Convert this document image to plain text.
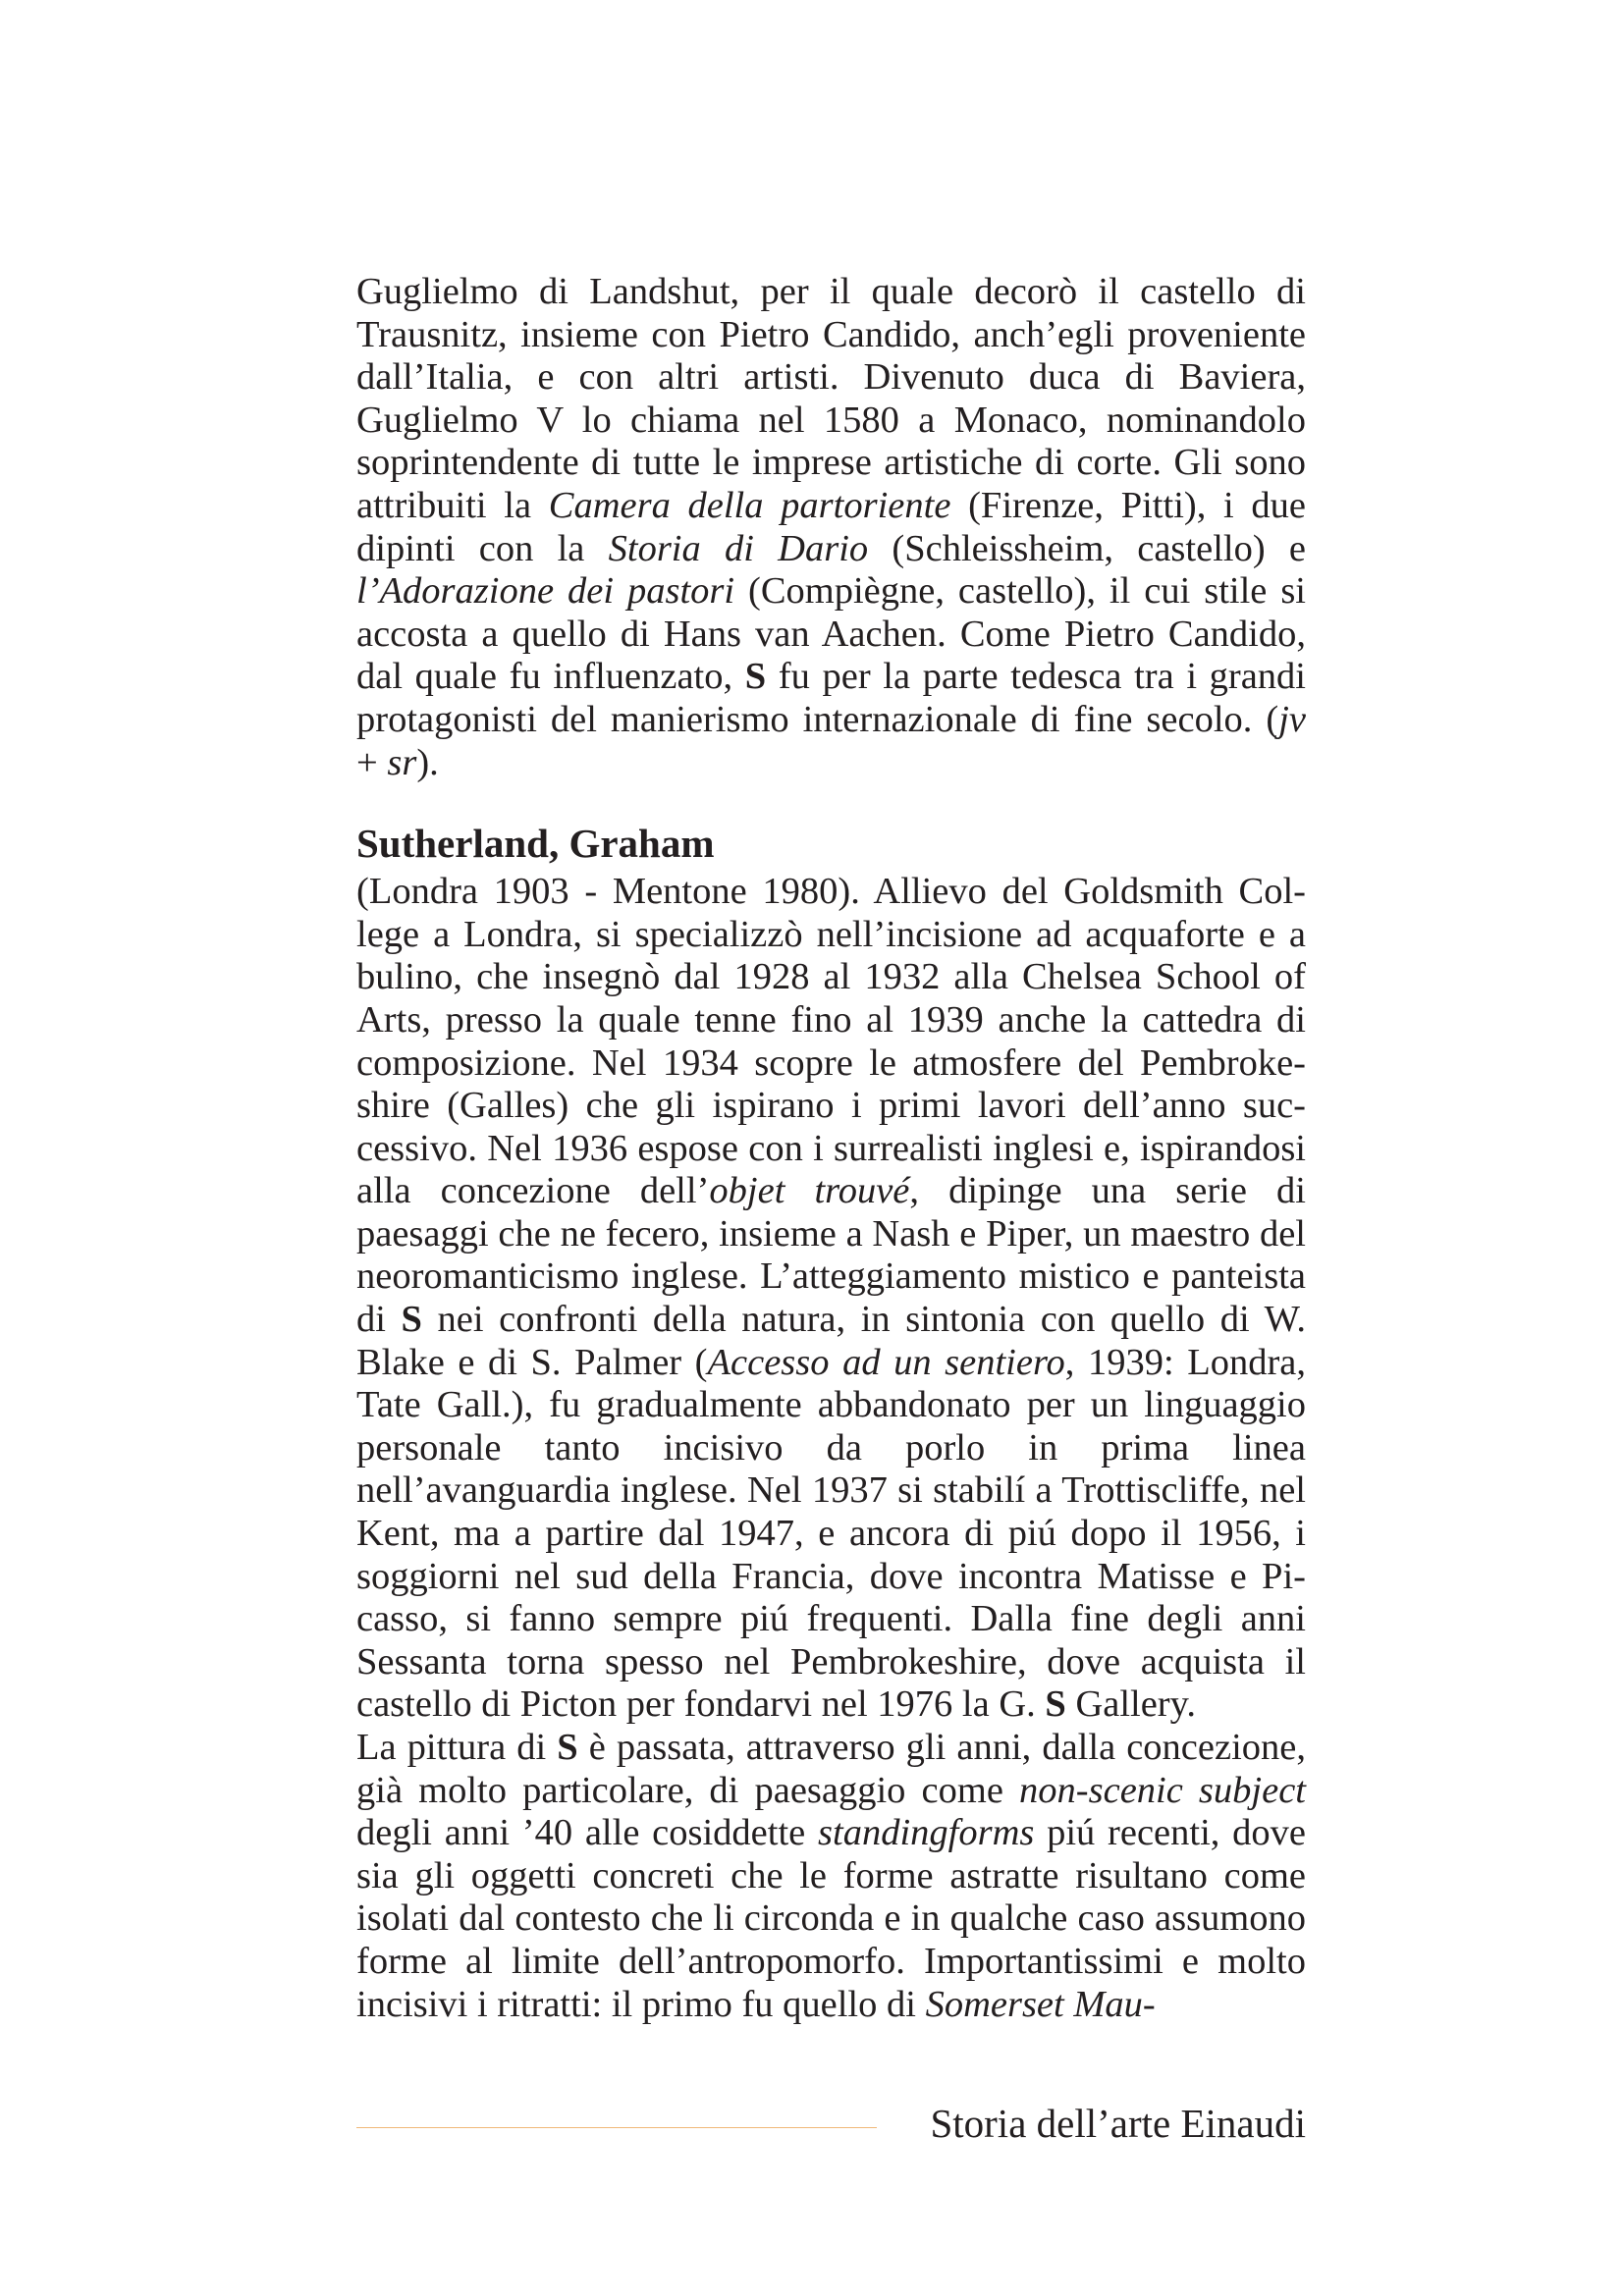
Guglielmo di Landshut, per il quale decorò il castello di Trausnitz, insieme con Pietro Candido, anch’egli proveniente dall’Italia, e con altri artisti. Divenuto duca di Baviera, Guglielmo V lo chiama nel 1580 a Monaco, nominandolo soprintendente di tutte le imprese artistiche di corte. Gli sono attribuiti la Camera della partoriente (Firenze, Pitti), i due dipinti con la Storia di Dario (Schleissheim, castello) e l’Adorazione dei pastori (Compiègne, castello), il cui stile si accosta a quello di Hans van Aachen. Come Pietro Candido, dal quale fu influenzato, S fu per la parte tedesca tra i grandi protagonisti del manierismo internazionale di fine secolo. (jv + sr).

Sutherland, Graham

(Londra 1903 - Mentone 1980). Allievo del Goldsmith College a Londra, si specializzò nell’incisione ad acquaforte e a bulino, che insegnò dal 1928 al 1932 alla Chelsea School of Arts, presso la quale tenne fino al 1939 anche la cattedra di composizione. Nel 1934 scopre le atmosfere del Pembrokeshire (Galles) che gli ispirano i primi lavori dell’anno successivo. Nel 1936 espose con i surrealisti inglesi e, ispirandosi alla concezione dell’objet trouvé, dipinge una serie di paesaggi che ne fecero, insieme a Nash e Piper, un maestro del neoromanticismo inglese. L’atteggiamento mistico e panteista di S nei confronti della natura, in sintonia con quello di W. Blake e di S. Palmer (Accesso ad un sentiero, 1939: Londra, Tate Gall.), fu gradualmente abbandonato per un linguaggio personale tanto incisivo da porlo in prima linea nell’avanguardia inglese. Nel 1937 si stabilí a Trottiscliffe, nel Kent, ma a partire dal 1947, e ancora di piú dopo il 1956, i soggiorni nel sud della Francia, dove incontra Matisse e Picasso, si fanno sempre piú frequenti. Dalla fine degli anni Sessanta torna spesso nel Pembrokeshire, dove acquista il castello di Picton per fondarvi nel 1976 la G. S Gallery.

La pittura di S è passata, attraverso gli anni, dalla concezione, già molto particolare, di paesaggio come non-scenic subject degli anni ’40 alle cosiddette standingforms piú recenti, dove sia gli oggetti concreti che le forme astratte risultano come isolati dal contesto che li circonda e in qualche caso assumono forme al limite dell’antropomorfo. Importantissimi e molto incisivi i ritratti: il primo fu quello di Somerset Mau-

Storia dell’arte Einaudi
